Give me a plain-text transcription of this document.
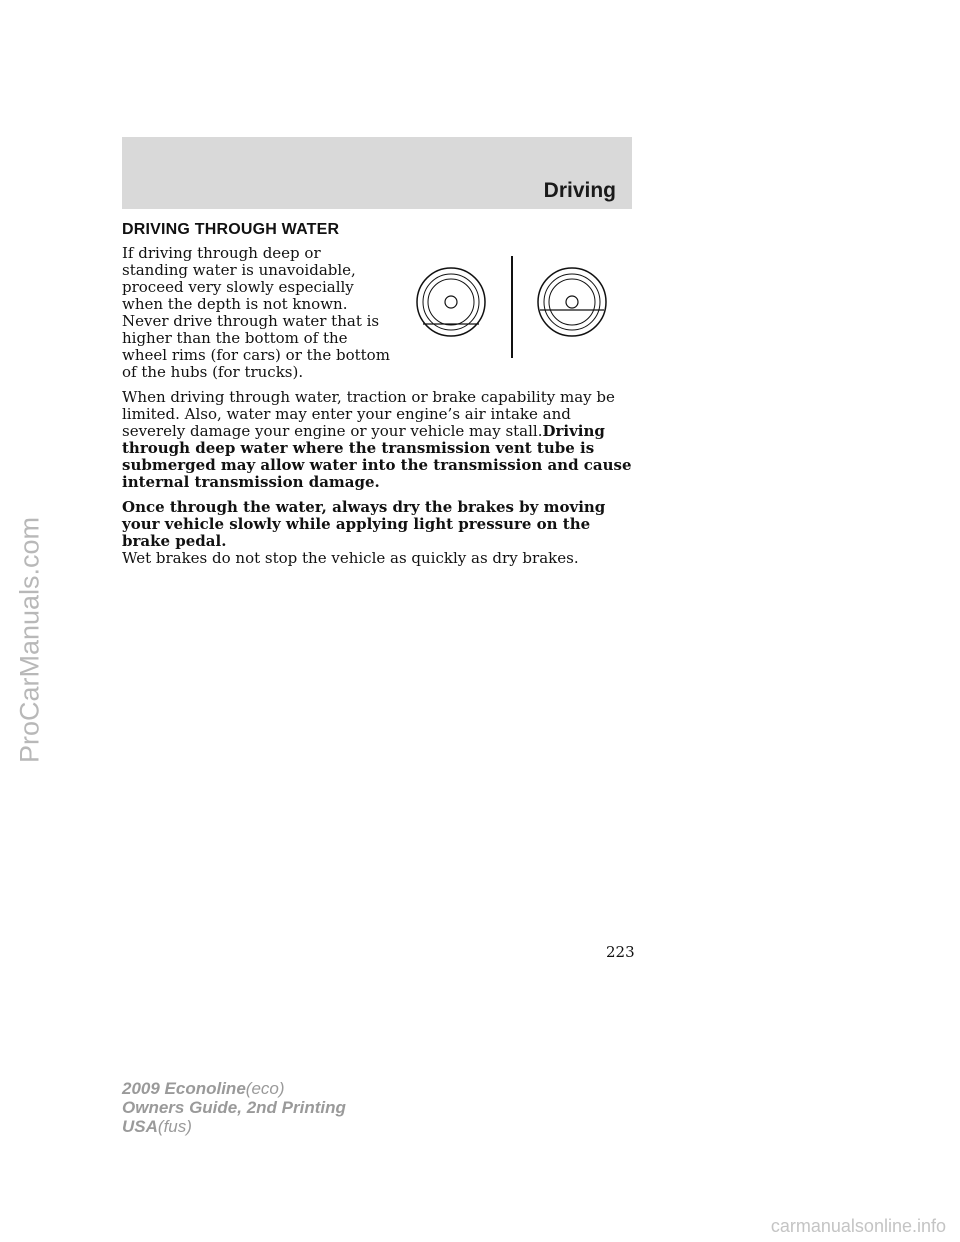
Driving
DRIVING THROUGH WATER

If driving through deep or standing water is unavoidable, proceed very slowly especially when the depth is not known. Never drive through water that is higher than the bottom of the wheel rims (for cars) or the bottom of the hubs (for trucks).

When driving through water, traction or brake capability may be limited. Also, water may enter your engine’s air intake and severely damage your engine or your vehicle may stall.Driving through deep water where the transmission vent tube is submerged may allow water into the transmission and cause internal transmission damage.

Once through the water, always dry the brakes by moving your vehicle slowly while applying light pressure on the brake pedal.
Wet brakes do not stop the vehicle as quickly as dry brakes.

223
2009 Econoline(eco)
Owners Guide, 2nd Printing
USA(fus)
ProCarManuals.com
carmanualsonline.info
